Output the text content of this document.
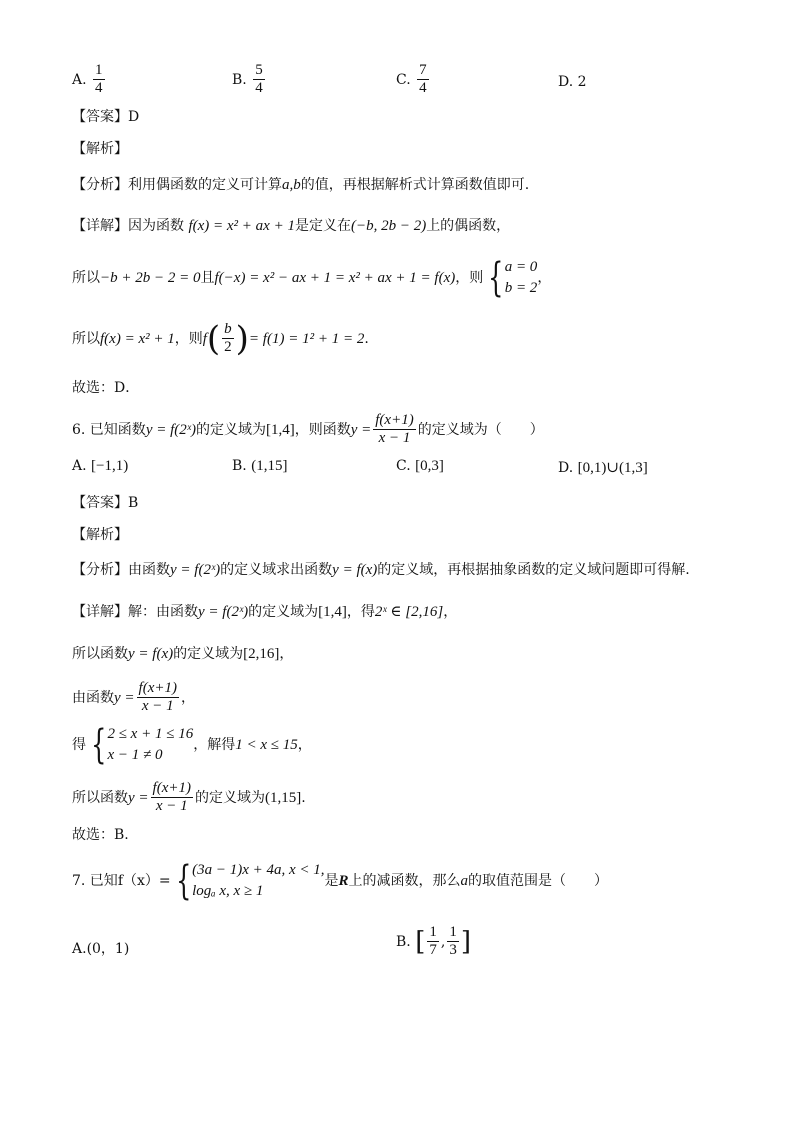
A. $\frac{1}{4}$	B. $\frac{5}{4}$	C. $\frac{7}{4}$	D. 2
【答案】D
【解析】
【分析】利用偶函数的定义可计算a,b的值，再根据解析式计算函数值即可.
【详解】因为函数 f(x) = x² + ax + 1是定义在(−b, 2b − 2)上的偶函数，
所以−b + 2b − 2 = 0且f(−x) = x² − ax + 1 = x² + ax + 1 = f(x)，则 { a = 0
b = 2
，
所以f(x) = x² + 1，则$f( \frac{b}{2}$ )= f(1) = 1² + 1 = 2.
故选：D．
6. 已知函数y = f(2ˣ)的定义域为[1,4]，则函数$y = \frac{f(x+1)}{x - 1}$ 的定义域为（　　）
A. [−1,1)	B. (1,15]	C. [0,3]	D. [0,1)∪(1,3]
【答案】B
【解析】
【分析】由函数y = f(2ˣ)的定义域求出函数y = f(x)的定义域，再根据抽象函数的定义域问题即可得解.
【详解】解：由函数y = f(2ˣ)的定义域为[1,4]，得2ˣ ∈ [2,16]，
所以函数y = f(x)的定义域为[2,16]，
由函数$y = \frac{f(x+1)}{x - 1}$ ，
得 { 2 ≤ x + 1 ≤ 16
x − 1 ≠ 0
，解得1 < x ≤ 15，
所以函数$y = \frac{f(x+1)}{x - 1}$ 的定义域为(1,15].
故选：B.
7. 已知f（x）= { (3a − 1)x + 4a, x < 1,
logₐ x, x ≥ 1
是R上的减函数，那么a的取值范围是（　　）
A.(0，1)	B. [ $\frac{1}{7}$ , $\frac{1}{3}$ ]
